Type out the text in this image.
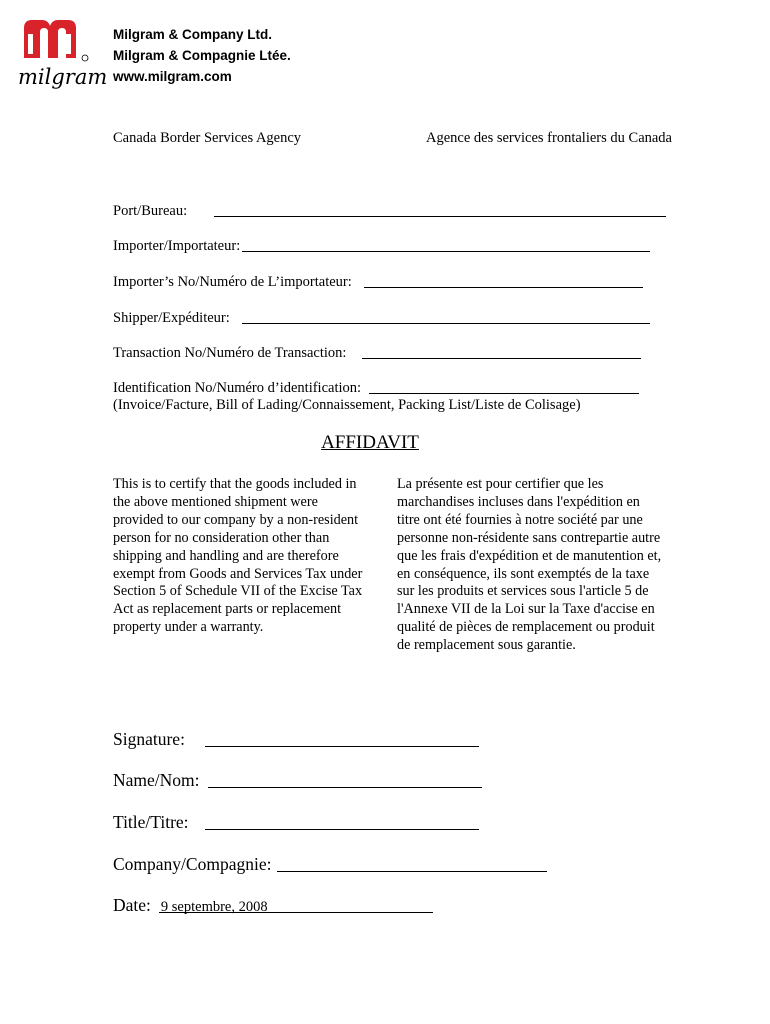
milgram
Milgram & Company Ltd.
Milgram & Compagnie Ltée.
www.milgram.com
Canada Border Services Agency	Agence des services frontaliers du Canada
Port/Bureau:
Importer/Importateur:
Importer’s No/Numéro de L’importateur:
Shipper/Expéditeur:
Transaction No/Numéro de Transaction:
Identification No/Numéro d’identification:
(Invoice/Facture, Bill of Lading/Connaissement, Packing List/Liste de Colisage)
AFFIDAVIT
This is to certify that the goods included in
the above mentioned shipment were
provided to our company by a non-resident
person for no consideration other than
shipping and handling and are therefore
exempt from Goods and Services Tax under
Section 5 of Schedule VII of the Excise Tax
Act as replacement parts or replacement
property under a warranty.
La présente est pour certifier que les
marchandises incluses dans l'expédition en
titre ont été fournies à notre société par une
personne non-résidente sans contrepartie autre
que les frais d'expédition et de manutention et,
en conséquence, ils sont exemptés de la taxe
sur les produits et services sous l'article 5 de
l'Annexe VII de la Loi sur la Taxe d'accise en
qualité de pièces de remplacement ou produit
de remplacement sous garantie.
Signature:
Name/Nom:
Title/Titre:
Company/Compagnie:
Date: 9 septembre, 2008
